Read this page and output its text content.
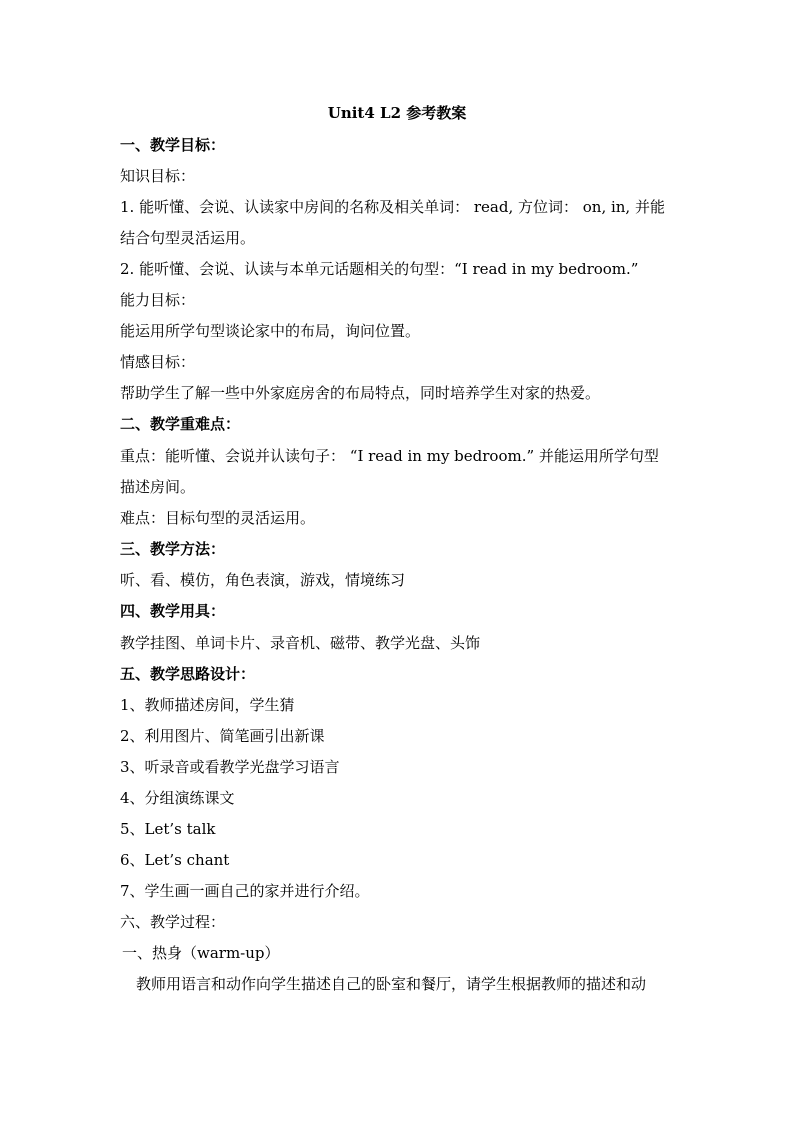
Unit4 L2 参考教案
一、教学目标：
知识目标：
1. 能听懂、会说、认读家中房间的名称及相关单词： read, 方位词： on, in, 并能
结合句型灵活运用。
2. 能听懂、会说、认读与本单元话题相关的句型：“I read in my bedroom.”
能力目标：
能运用所学句型谈论家中的布局，询问位置。
情感目标：
帮助学生了解一些中外家庭房舍的布局特点，同时培养学生对家的热爱。
二、教学重难点：
重点：能听懂、会说并认读句子： “I read in my bedroom.” 并能运用所学句型
描述房间。
难点：目标句型的灵活运用。
三、教学方法：
听、看、模仿，角色表演，游戏，情境练习
四、教学用具：
教学挂图、单词卡片、录音机、磁带、教学光盘、头饰
五、教学思路设计：
1、教师描述房间，学生猜
2、利用图片、简笔画引出新课
3、听录音或看教学光盘学习语言
4、分组演练课文
5、Let’s talk
6、Let’s chant
7、学生画一画自己的家并进行介绍。
六、教学过程：
一、热身（warm-up）
教师用语言和动作向学生描述自己的卧室和餐厅，请学生根据教师的描述和动
